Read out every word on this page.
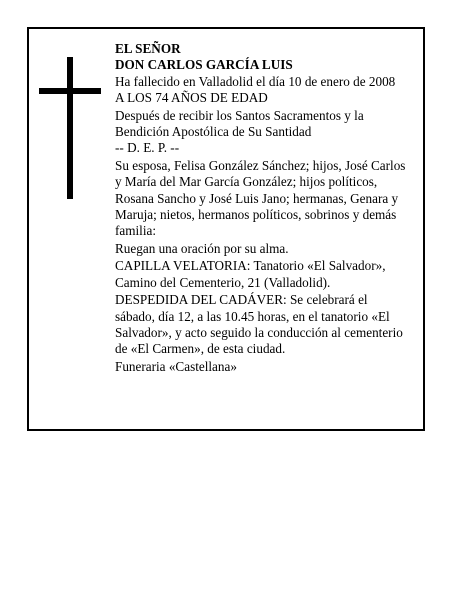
EL SEÑOR
DON CARLOS GARCÍA LUIS
Ha fallecido en Valladolid el día 10 de enero de 2008
A LOS 74 AÑOS DE EDAD
Después de recibir los Santos Sacramentos y la
Bendición Apostólica de Su Santidad
-- D. E. P. --
Su esposa, Felisa González Sánchez; hijos, José Carlos
y María del Mar García González; hijos políticos,
Rosana Sancho y José Luis Jano; hermanas, Genara y
Maruja; nietos, hermanos políticos, sobrinos y demás
familia:
Ruegan una oración por su alma.
CAPILLA VELATORIA: Tanatorio «El Salvador»,
Camino del Cementerio, 21 (Valladolid).
DESPEDIDA DEL CADÁVER: Se celebrará el
sábado, día 12, a las 10.45 horas, en el tanatorio «El
Salvador», y acto seguido la conducción al cementerio
de «El Carmen», de esta ciudad.
Funeraria «Castellana»
